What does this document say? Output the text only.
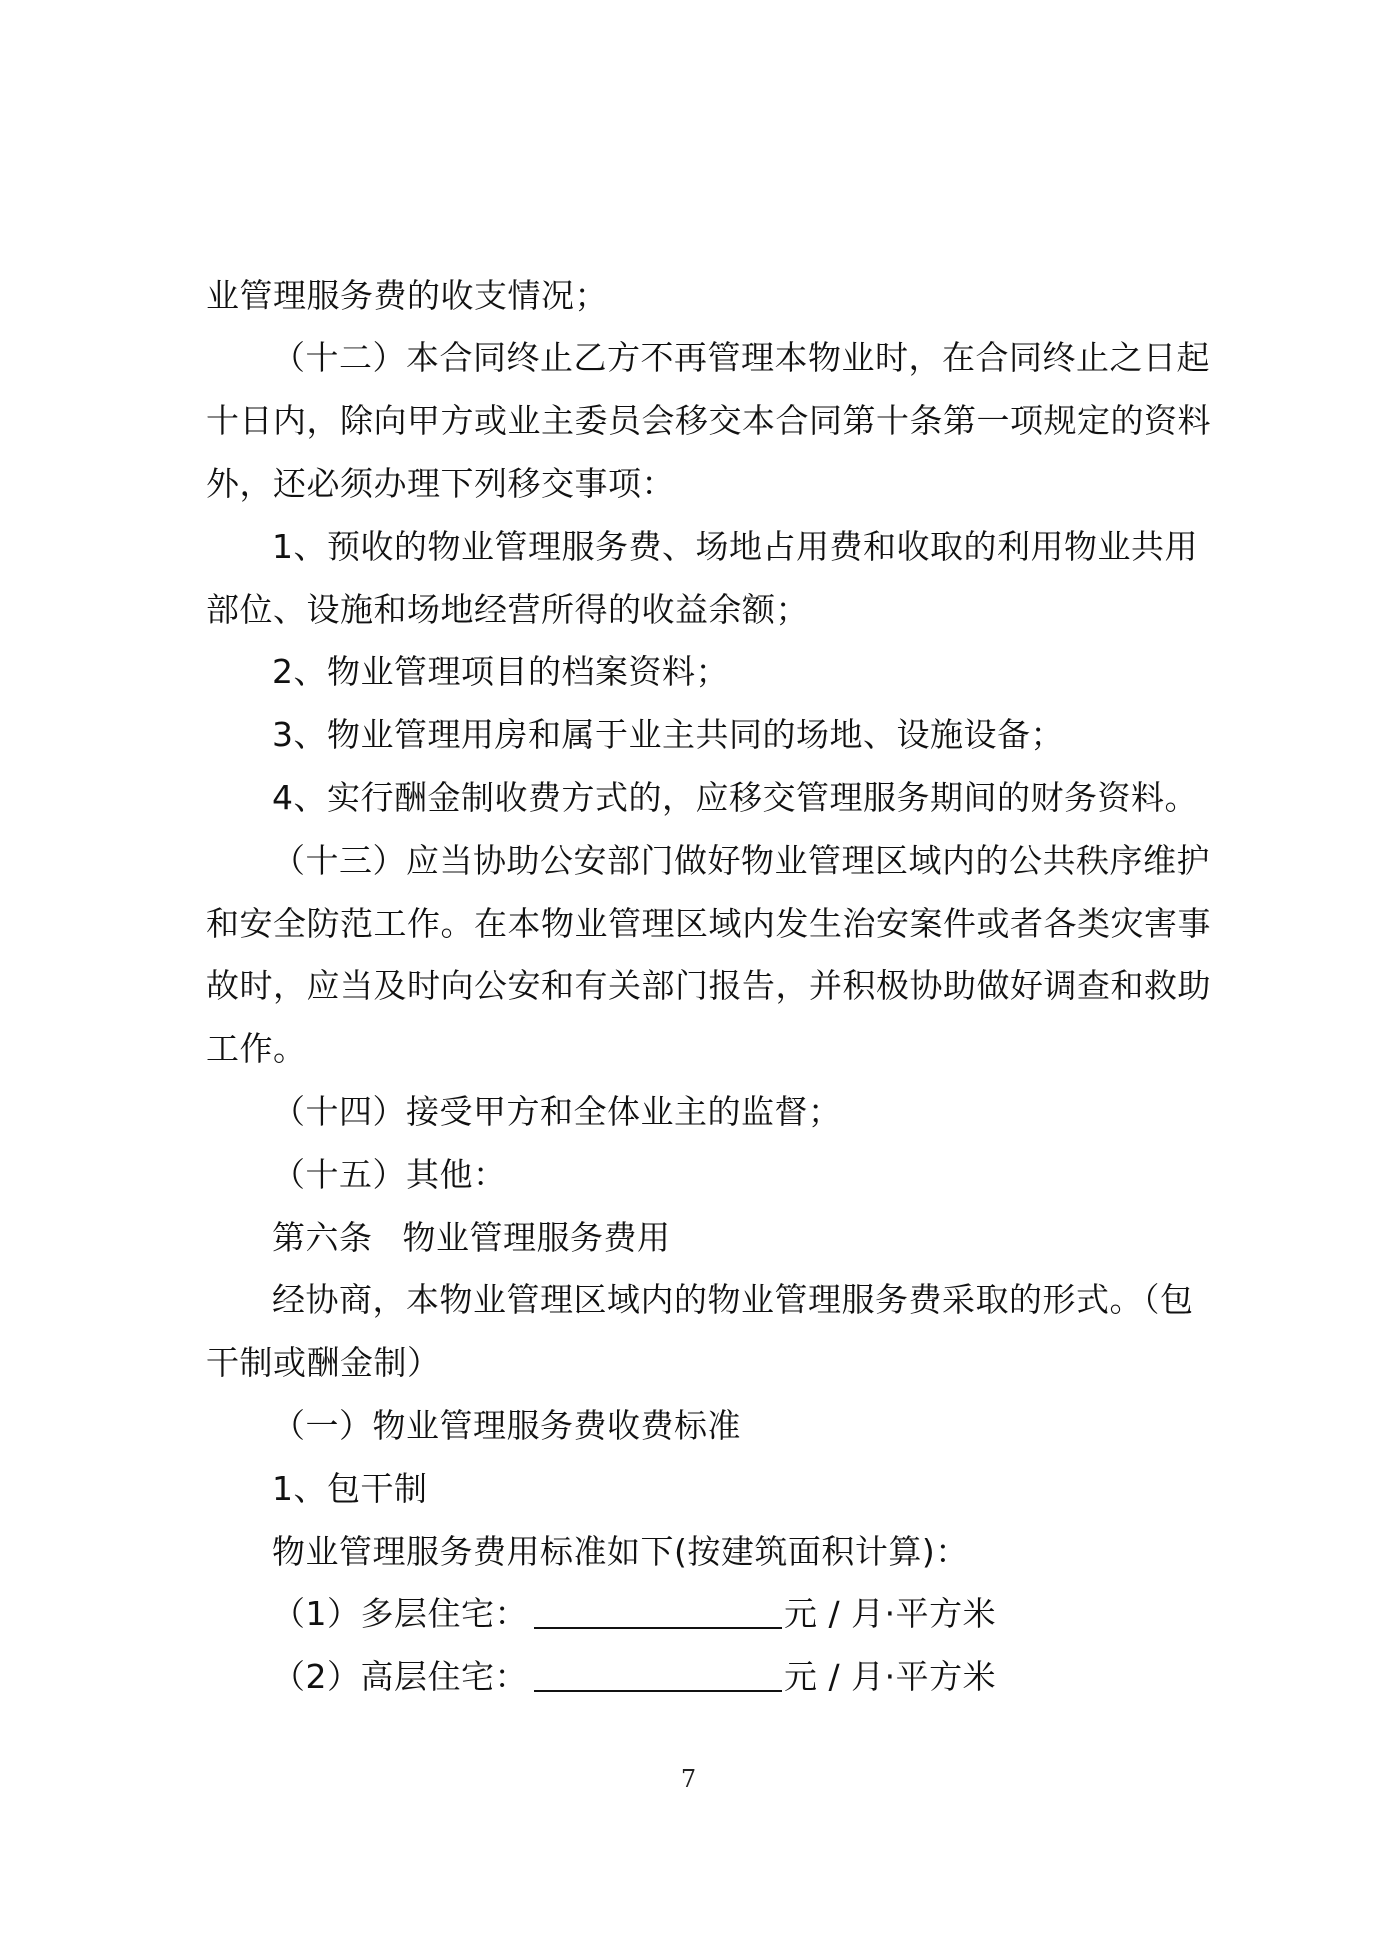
业管理服务费的收支情况；
（十二）本合同终止乙方不再管理本物业时，在合同终止之日起
十日内，除向甲方或业主委员会移交本合同第十条第一项规定的资料
外，还必须办理下列移交事项：
1、预收的物业管理服务费、场地占用费和收取的利用物业共用
部位、设施和场地经营所得的收益余额；
2、物业管理项目的档案资料；
3、物业管理用房和属于业主共同的场地、设施设备；
4、实行酬金制收费方式的，应移交管理服务期间的财务资料。
（十三）应当协助公安部门做好物业管理区域内的公共秩序维护
和安全防范工作。在本物业管理区域内发生治安案件或者各类灾害事
故时，应当及时向公安和有关部门报告，并积极协助做好调查和救助
工作。
（十四）接受甲方和全体业主的监督；
（十五）其他：
第六条 物业管理服务费用
经协商，本物业管理区域内的物业管理服务费采取的形式。（包
干制或酬金制）
（一）物业管理服务费收费标准
1、包干制
物业管理服务费用标准如下(按建筑面积计算)：
（1）多层住宅：	元 / 月·平方米
（2）高层住宅：	元 / 月·平方米
7
